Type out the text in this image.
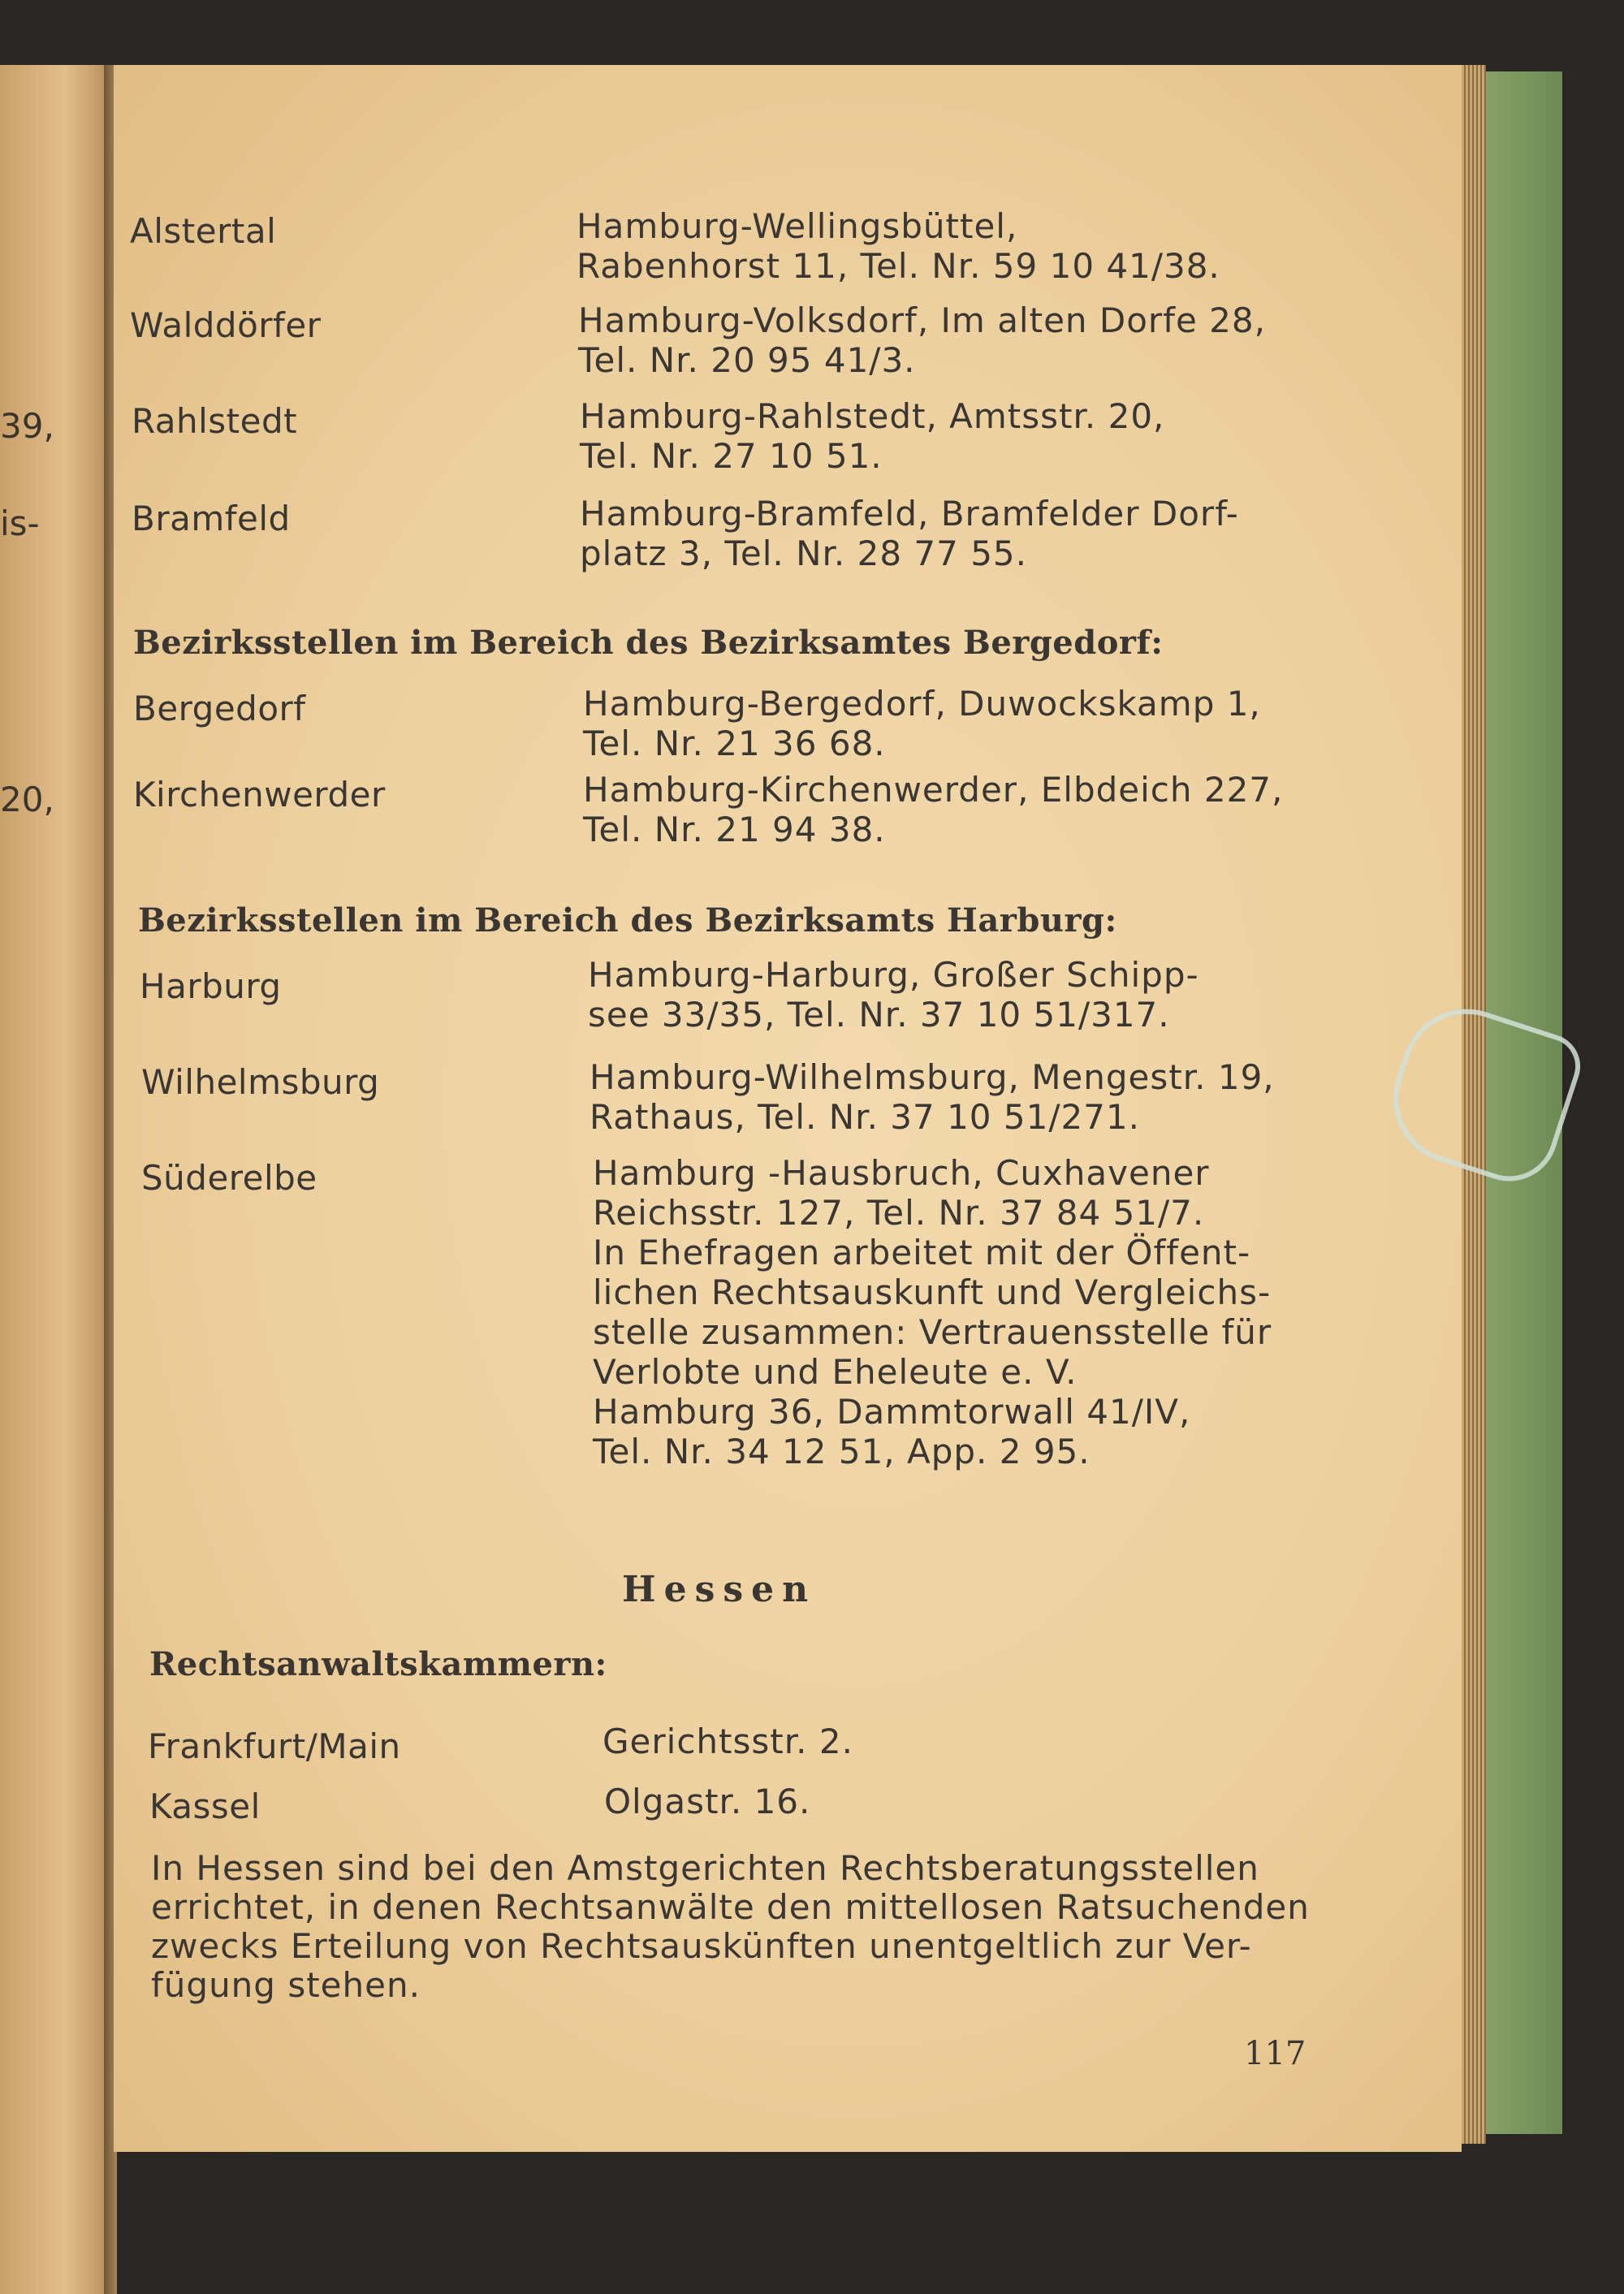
39,
is-
20,
Alstertal	Hamburg-Wellingsbüttel,
Rabenhorst 11, Tel. Nr. 59 10 41/38.
Walddörfer	Hamburg-Volksdorf, Im alten Dorfe 28,
Tel. Nr. 20 95 41/3.
Rahlstedt	Hamburg-Rahlstedt, Amtsstr. 20,
Tel. Nr. 27 10 51.
Bramfeld	Hamburg-Bramfeld, Bramfelder Dorf-
platz 3, Tel. Nr. 28 77 55.
Bezirksstellen im Bereich des Bezirksamtes Bergedorf:
Bergedorf	Hamburg-Bergedorf, Duwockskamp 1,
Tel. Nr. 21 36 68.
Kirchenwerder	Hamburg-Kirchenwerder, Elbdeich 227,
Tel. Nr. 21 94 38.
Bezirksstellen im Bereich des Bezirksamts Harburg:
Harburg	Hamburg-Harburg, Großer Schipp-
see 33/35, Tel. Nr. 37 10 51/317.
Wilhelmsburg	Hamburg-Wilhelmsburg, Mengestr. 19,
Rathaus, Tel. Nr. 37 10 51/271.
Süderelbe	Hamburg -Hausbruch, Cuxhavener
Reichsstr. 127, Tel. Nr. 37 84 51/7.
In Ehefragen arbeitet mit der Öffent-
lichen Rechtsauskunft und Vergleichs-
stelle zusammen: Vertrauensstelle für
Verlobte und Eheleute e. V.
Hamburg 36, Dammtorwall 41/IV,
Tel. Nr. 34 12 51, App. 2 95.
Hessen
Rechtsanwaltskammern:
Frankfurt/Main	Gerichtsstr. 2.
Kassel	Olgastr. 16.
In Hessen sind bei den Amstgerichten Rechtsberatungsstellen
errichtet, in denen Rechtsanwälte den mittellosen Ratsuchenden
zwecks Erteilung von Rechtsauskünften unentgeltlich zur Ver-
fügung stehen.
117
